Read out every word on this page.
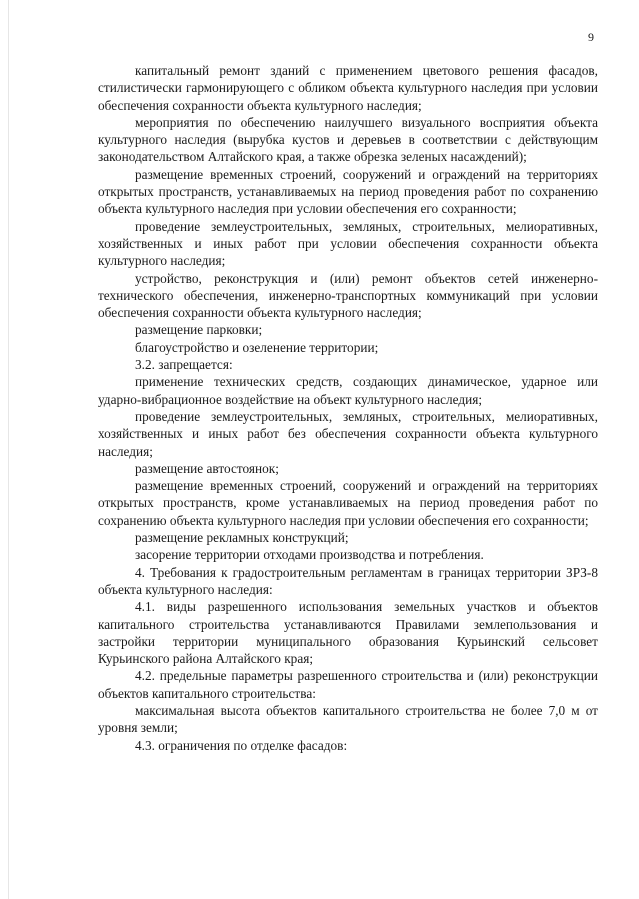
9

капитальный ремонт зданий с применением цветового решения фасадов, стилистически гармонирующего с обликом объекта культурного наследия при условии обеспечения сохранности объекта культурного наследия;

мероприятия по обеспечению наилучшего визуального восприятия объекта культурного наследия (вырубка кустов и деревьев в соответствии с действующим законодательством Алтайского края, а также обрезка зеленых насаждений);

размещение временных строений, сооружений и ограждений на территориях открытых пространств, устанавливаемых на период проведения работ по сохранению объекта культурного наследия при условии обеспечения его сохранности;

проведение землеустроительных, земляных, строительных, мелиоративных, хозяйственных и иных работ при условии обеспечения сохранности объекта культурного наследия;

устройство, реконструкция и (или) ремонт объектов сетей инженерно-технического обеспечения, инженерно-транспортных коммуникаций при условии обеспечения сохранности объекта культурного наследия;

размещение парковки;

благоустройство и озеленение территории;

3.2. запрещается:

применение технических средств, создающих динамическое, ударное или ударно-вибрационное воздействие на объект культурного наследия;

проведение землеустроительных, земляных, строительных, мелиоративных, хозяйственных и иных работ без обеспечения сохранности объекта культурного наследия;

размещение автостоянок;

размещение временных строений, сооружений и ограждений на территориях открытых пространств, кроме устанавливаемых на период проведения работ по сохранению объекта культурного наследия при условии обеспечения его сохранности;

размещение рекламных конструкций;

засорение территории отходами производства и потребления.

4. Требования к градостроительным регламентам в границах территории ЗРЗ-8 объекта культурного наследия:

4.1. виды разрешенного использования земельных участков и объектов капитального строительства устанавливаются Правилами землепользования и застройки территории муниципального образования Курьинский сельсовет Курьинского района Алтайского края;

4.2. предельные параметры разрешенного строительства и (или) реконструкции объектов капитального строительства:

максимальная высота объектов капитального строительства не более 7,0 м от уровня земли;

4.3. ограничения по отделке фасадов:
